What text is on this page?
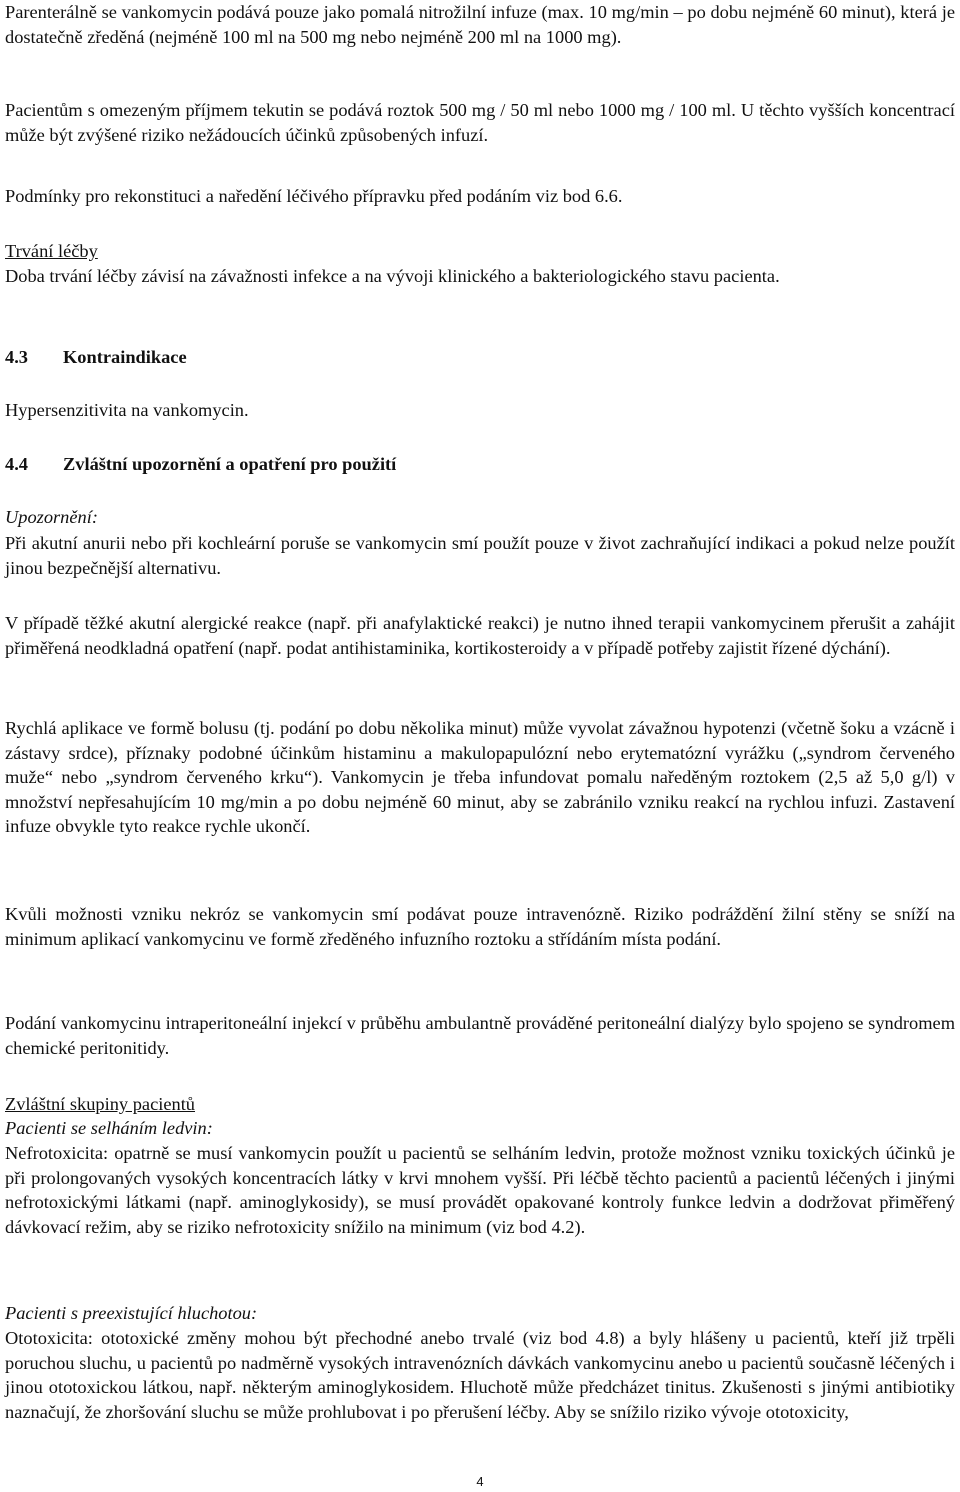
Parenterálně se vankomycin podává pouze jako pomalá nitrožilní infuze (max. 10 mg/min – po dobu nejméně 60 minut), která je dostatečně zředěná (nejméně 100 ml na 500 mg nebo nejméně 200 ml na 1000 mg).
Pacientům s omezeným příjmem tekutin se podává roztok 500 mg / 50 ml nebo 1000 mg / 100 ml. U těchto vyšších koncentrací může být zvýšené riziko nežádoucích účinků způsobených infuzí.
Podmínky pro rekonstituci a naředění léčivého přípravku před podáním viz bod 6.6.
Trvání léčby
Doba trvání léčby závisí na závažnosti infekce a na vývoji klinického a bakteriologického stavu pacienta.
4.3 Kontraindikace
Hypersenzitivita na vankomycin.
4.4 Zvláštní upozornění a opatření pro použití
Upozornění:
Při akutní anurii nebo při kochleární poruše se vankomycin smí použít pouze v život zachraňující indikaci a pokud nelze použít jinou bezpečnější alternativu.
V případě těžké akutní alergické reakce (např. při anafylaktické reakci) je nutno ihned terapii vankomycinem přerušit a zahájit přiměřená neodkladná opatření (např. podat antihistaminika, kortikosteroidy a v případě potřeby zajistit řízené dýchání).
Rychlá aplikace ve formě bolusu (tj. podání po dobu několika minut) může vyvolat závažnou hypotenzi (včetně šoku a vzácně i zástavy srdce), příznaky podobné účinkům histaminu a makulopapulózní nebo erytematózní vyrážku („syndrom červeného muže“ nebo „syndrom červeného krku“). Vankomycin je třeba infundovat pomalu naředěným roztokem (2,5 až 5,0 g/l) v množství nepřesahujícím 10 mg/min a po dobu nejméně 60 minut, aby se zabránilo vzniku reakcí na rychlou infuzi. Zastavení infuze obvykle tyto reakce rychle ukončí.
Kvůli možnosti vzniku nekróz se vankomycin smí podávat pouze intravenózně. Riziko podráždění žilní stěny se sníží na minimum aplikací vankomycinu ve formě zředěného infuzního roztoku a střídáním místa podání.
Podání vankomycinu intraperitoneální injekcí v průběhu ambulantně prováděné peritoneální dialýzy bylo spojeno se syndromem chemické peritonitidy.
Zvláštní skupiny pacientů
Pacienti se selháním ledvin:
Nefrotoxicita: opatrně se musí vankomycin použít u pacientů se selháním ledvin, protože možnost vzniku toxických účinků je při prolongovaných vysokých koncentracích látky v krvi mnohem vyšší. Při léčbě těchto pacientů a pacientů léčených i jinými nefrotoxickými látkami (např. aminoglykosidy), se musí provádět opakované kontroly funkce ledvin a dodržovat přiměřený dávkovací režim, aby se riziko nefrotoxicity snížilo na minimum (viz bod 4.2).
Pacienti s preexistující hluchotou:
Ototoxicita: ototoxické změny mohou být přechodné anebo trvalé (viz bod 4.8) a byly hlášeny u pacientů, kteří již trpěli poruchou sluchu, u pacientů po nadměrně vysokých intravenózních dávkách vankomycinu anebo u pacientů současně léčených i jinou ototoxickou látkou, např. některým aminoglykosidem. Hluchotě může předcházet tinitus. Zkušenosti s jinými antibiotiky naznačují, že zhoršování sluchu se může prohlubovat i po přerušení léčby. Aby se snížilo riziko vývoje ototoxicity,
4
